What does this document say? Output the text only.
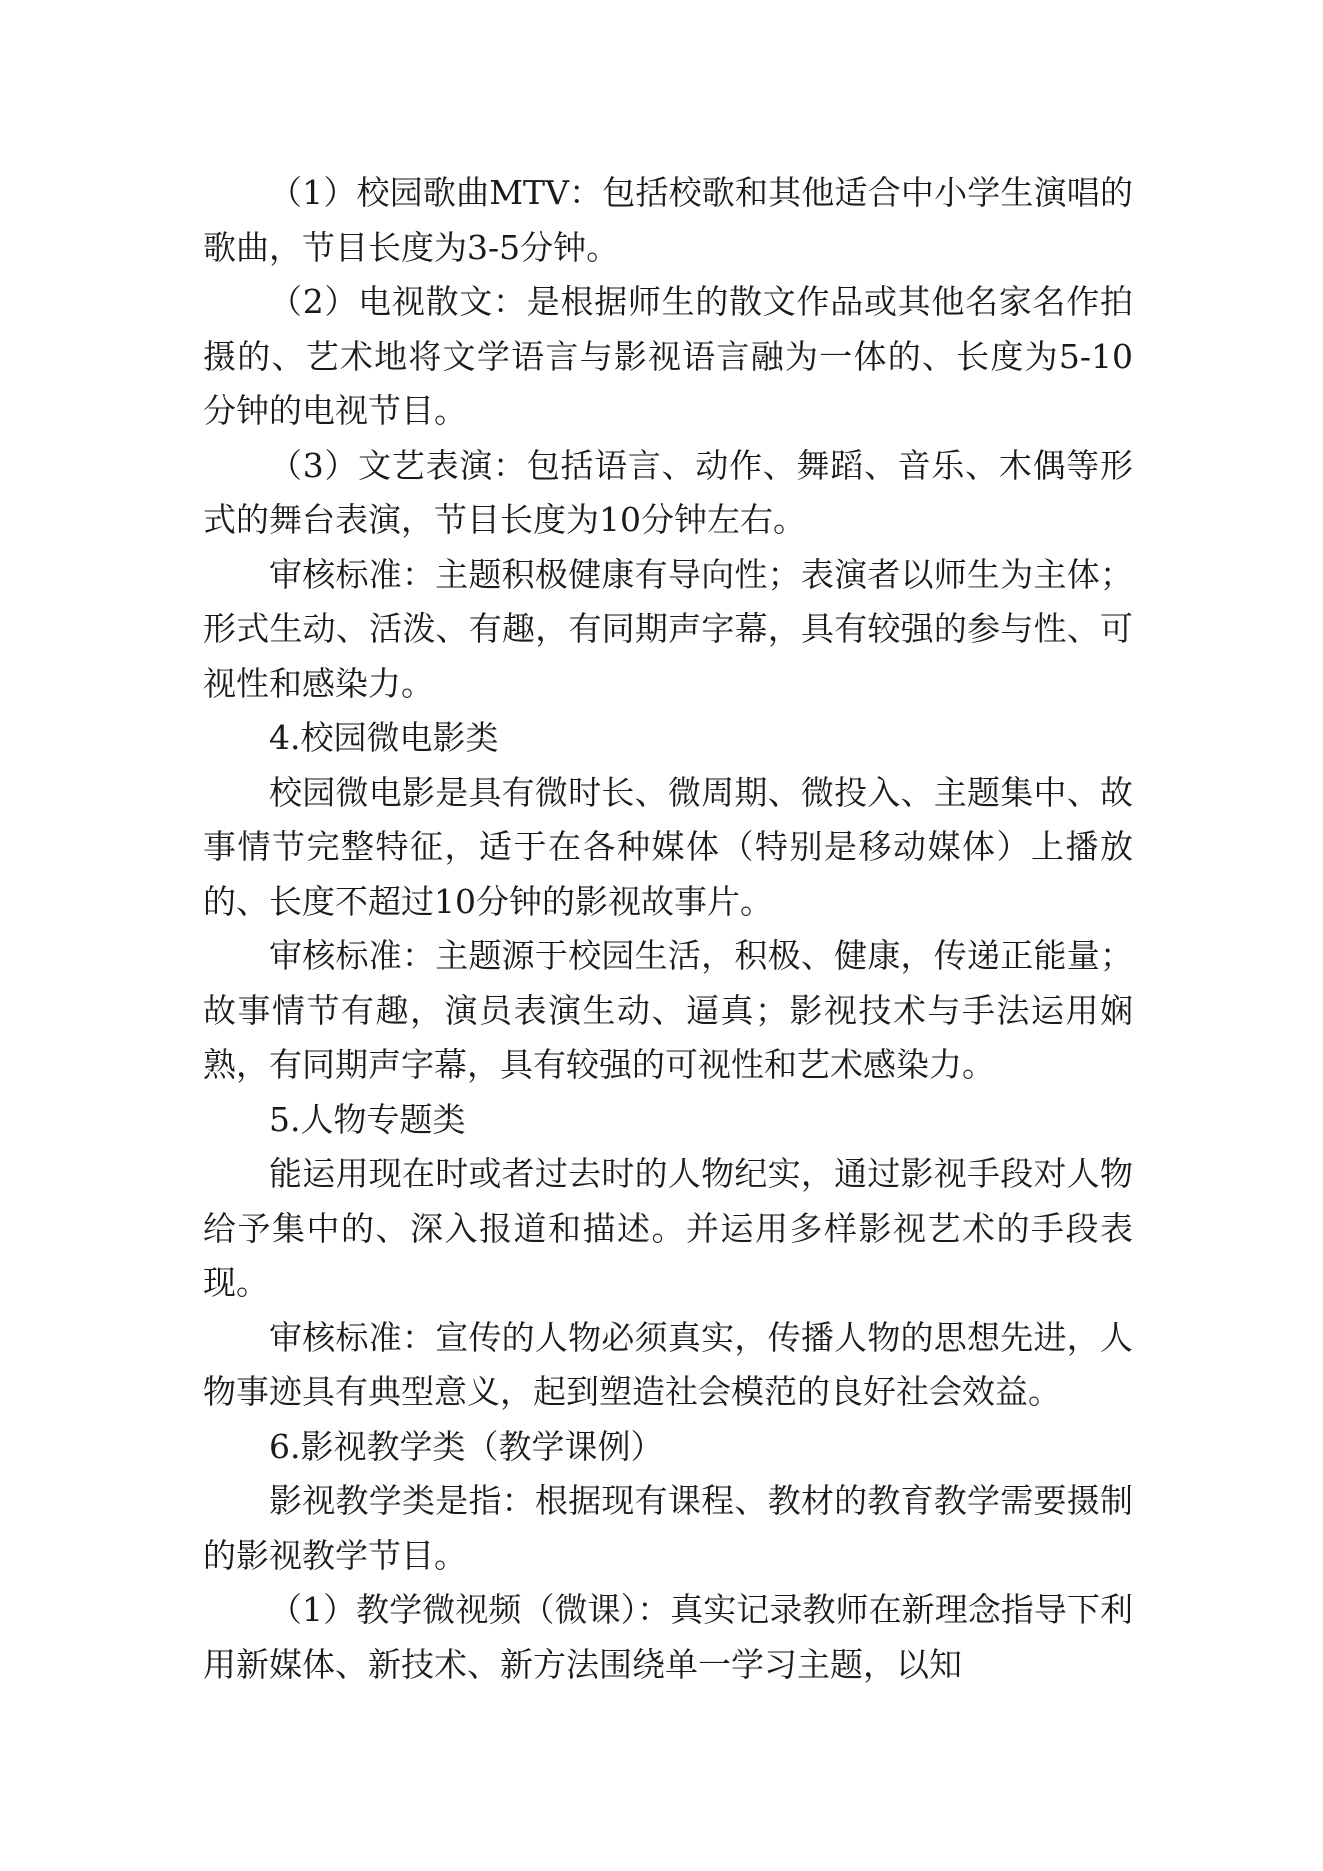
（1）校园歌曲MTV：包括校歌和其他适合中小学生演唱的歌曲，节目长度为3-5分钟。

（2）电视散文：是根据师生的散文作品或其他名家名作拍摄的、艺术地将文学语言与影视语言融为一体的、长度为5-10分钟的电视节目。

（3）文艺表演：包括语言、动作、舞蹈、音乐、木偶等形式的舞台表演，节目长度为10分钟左右。

审核标准：主题积极健康有导向性；表演者以师生为主体；形式生动、活泼、有趣，有同期声字幕，具有较强的参与性、可视性和感染力。

4.校园微电影类

校园微电影是具有微时长、微周期、微投入、主题集中、故事情节完整特征，适于在各种媒体（特别是移动媒体）上播放的、长度不超过10分钟的影视故事片。

审核标准：主题源于校园生活，积极、健康，传递正能量；故事情节有趣，演员表演生动、逼真；影视技术与手法运用娴熟，有同期声字幕，具有较强的可视性和艺术感染力。

5.人物专题类

能运用现在时或者过去时的人物纪实，通过影视手段对人物给予集中的、深入报道和描述。并运用多样影视艺术的手段表现。

审核标准：宣传的人物必须真实，传播人物的思想先进，人物事迹具有典型意义，起到塑造社会模范的良好社会效益。

6.影视教学类（教学课例）

影视教学类是指：根据现有课程、教材的教育教学需要摄制的影视教学节目。

（1）教学微视频（微课）：真实记录教师在新理念指导下利用新媒体、新技术、新方法围绕单一学习主题，以知
